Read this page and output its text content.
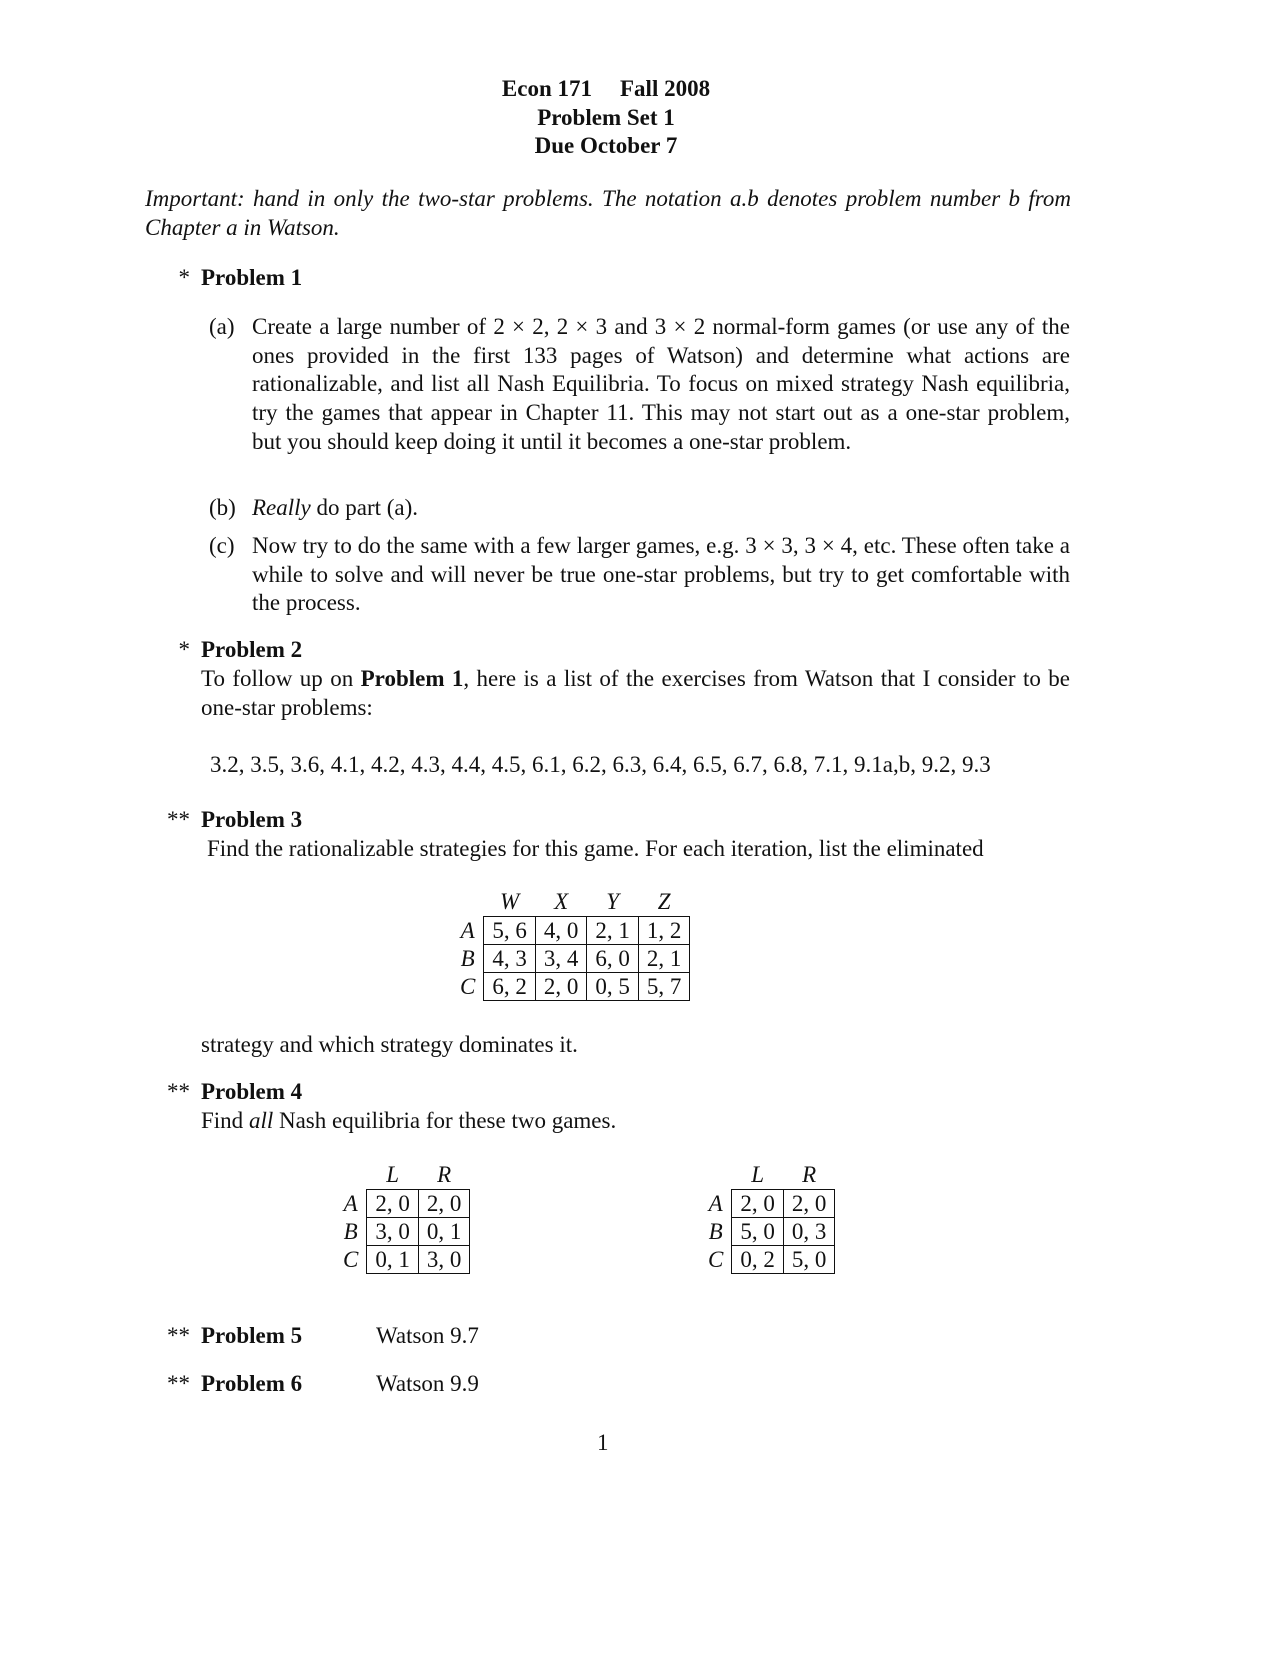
Econ 171 Fall 2008
Problem Set 1
Due October 7
Important: hand in only the two-star problems. The notation a.b denotes problem number b from Chapter a in Watson.
* Problem 1
(a) Create a large number of 2 × 2, 2 × 3 and 3 × 2 normal-form games (or use any of the ones provided in the first 133 pages of Watson) and determine what actions are rationalizable, and list all Nash Equilibria. To focus on mixed strategy Nash equilibria, try the games that appear in Chapter 11. This may not start out as a one-star problem, but you should keep doing it until it becomes a one-star problem.
(b) Really do part (a).
(c) Now try to do the same with a few larger games, e.g. 3 × 3, 3 × 4, etc. These often take a while to solve and will never be true one-star problems, but try to get comfortable with the process.
* Problem 2
To follow up on Problem 1, here is a list of the exercises from Watson that I consider to be one-star problems:
3.2, 3.5, 3.6, 4.1, 4.2, 4.3, 4.4, 4.5, 6.1, 6.2, 6.3, 6.4, 6.5, 6.7, 6.8, 7.1, 9.1a,b, 9.2, 9.3
** Problem 3
Find the rationalizable strategies for this game. For each iteration, list the eliminated
	W	X	Y	Z
A	5, 6	4, 0	2, 1	1, 2
B	4, 3	3, 4	6, 0	2, 1
C	6, 2	2, 0	0, 5	5, 7
strategy and which strategy dominates it.
** Problem 4
Find all Nash equilibria for these two games.
	L	R
A	2, 0	2, 0
B	3, 0	0, 1
C	0, 1	3, 0
	L	R
A	2, 0	2, 0
B	5, 0	0, 3
C	0, 2	5, 0
** Problem 5	Watson 9.7
** Problem 6	Watson 9.9
1
